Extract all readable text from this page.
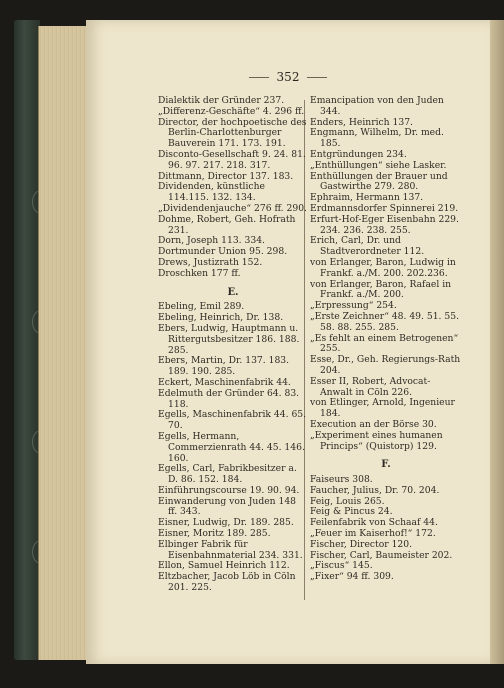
352

Dialektik der Gründer 237.

„Differenz-Geschäfte“ 4. 296 ff.

Director, der hochpoetische des Berlin-Charlottenburger Bauverein 171. 173. 191.

Disconto-Gesellschaft 9. 24. 81. 96. 97. 217. 218. 317.

Dittmann, Director 137. 183.

Dividenden, künstliche 114.115. 132. 134.

„Dividendenjauche“ 276 ff. 290.

Dohme, Robert, Geh. Hofrath 231.

Dorn, Joseph 113. 334.

Dortmunder Union 95. 298.

Drews, Justizrath 152.

Droschken 177 ff.

E.

Ebeling, Emil 289.

Ebeling, Heinrich, Dr. 138.

Ebers, Ludwig, Hauptmann u. Rittergutsbesitzer 186. 188. 285.

Ebers, Martin, Dr. 137. 183. 189. 190. 285.

Eckert, Maschinenfabrik 44.

Edelmuth der Gründer 64. 83. 118.

Egells, Maschinenfabrik 44. 65. 70.

Egells, Hermann, Commerzienrath 44. 45. 146. 160.

Egells, Carl, Fabrikbesitzer a. D. 86. 152. 184.

Einführungscourse 19. 90. 94.

Einwanderung von Juden 148 ff. 343.

Eisner, Ludwig, Dr. 189. 285.

Eisner, Moritz 189. 285.

Elbinger Fabrik für Eisenbahnmaterial 234. 331.

Ellon, Samuel Heinrich 112.

Eltzbacher, Jacob Löb in Cöln 201. 225.

Emancipation von den Juden 344.

Enders, Heinrich 137.

Engmann, Wilhelm, Dr. med. 185.

Entgründungen 234.

„Enthüllungen“ siehe Lasker.

Enthüllungen der Brauer und Gastwirthe 279. 280.

Ephraim, Hermann 137.

Erdmannsdorfer Spinnerei 219.

Erfurt-Hof-Eger Eisenbahn 229. 234. 236. 238. 255.

Erich, Carl, Dr. und Stadtverordneter 112.

von Erlanger, Baron, Ludwig in Frankf. a./M. 200. 202.236.

von Erlanger, Baron, Rafael in Frankf. a./M. 200.

„Erpressung“ 254.

„Erste Zeichner“ 48. 49. 51. 55. 58. 88. 255. 285.

„Es fehlt an einem Betrogenen“ 255.

Esse, Dr., Geh. Regierungs-Rath 204.

Esser II, Robert, Advocat-Anwalt in Cöln 226.

von Etlinger, Arnold, Ingenieur 184.

Execution an der Börse 30.

„Experiment eines humanen Princips“ (Quistorp) 129.

F.

Faiseurs 308.

Faucher, Julius, Dr. 70. 204.

Feig, Louis 265.

Feig & Pincus 24.

Feilenfabrik von Schaaf 44.

„Feuer im Kaiserhof!“ 172.

Fischer, Director 120.

Fischer, Carl, Baumeister 202.

„Fiscus“ 145.

„Fixer“ 94 ff. 309.
